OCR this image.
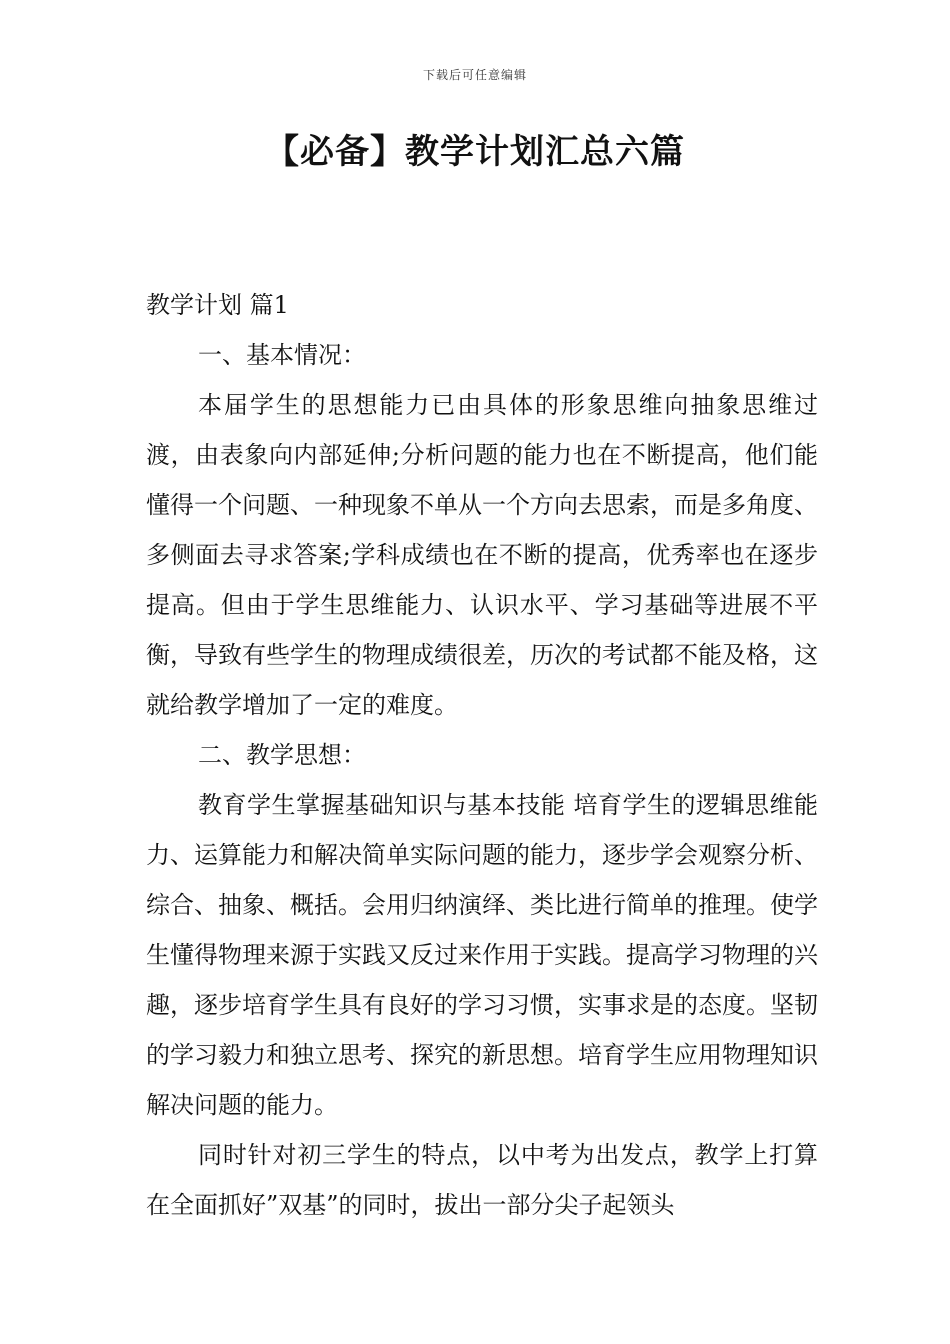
下载后可任意编辑
【必备】教学计划汇总六篇

教学计划 篇1

一、基本情况：

本届学生的思想能力已由具体的形象思维向抽象思维过渡，由表象向内部延伸;分析问题的能力也在不断提高，他们能懂得一个问题、一种现象不单从一个方向去思索，而是多角度、多侧面去寻求答案;学科成绩也在不断的提高，优秀率也在逐步提高。但由于学生思维能力、认识水平、学习基础等进展不平衡，导致有些学生的物理成绩很差，历次的考试都不能及格，这就给教学增加了一定的难度。

二、教学思想：

教育学生掌握基础知识与基本技能 培育学生的逻辑思维能力、运算能力和解决简单实际问题的能力，逐步学会观察分析、综合、抽象、概括。会用归纳演绎、类比进行简单的推理。使学生懂得物理来源于实践又反过来作用于实践。提高学习物理的兴趣，逐步培育学生具有良好的学习习惯，实事求是的态度。坚韧的学习毅力和独立思考、探究的新思想。培育学生应用物理知识解决问题的能力。

同时针对初三学生的特点，以中考为出发点，教学上打算在全面抓好”双基”的同时，拔出一部分尖子起领头
